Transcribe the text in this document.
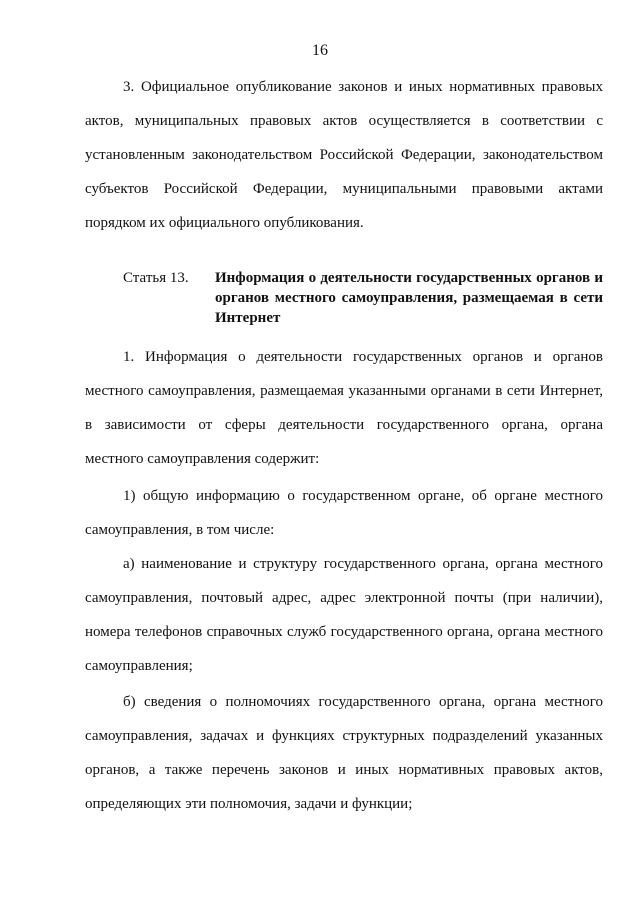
16

3. Официальное опубликование законов и иных нормативных правовых актов, муниципальных правовых актов осуществляется в соответствии с установленным законодательством Российской Федерации, законодательством субъектов Российской Федерации, муниципальными правовыми актами порядком их официального опубликования.

Статья 13. Информация о деятельности государственных органов и органов местного самоуправления, размещаемая в сети Интернет

1. Информация о деятельности государственных органов и органов местного самоуправления, размещаемая указанными органами в сети Интернет, в зависимости от сферы деятельности государственного органа, органа местного самоуправления содержит:

1) общую информацию о государственном органе, об органе местного самоуправления, в том числе:

а) наименование и структуру государственного органа, органа местного самоуправления, почтовый адрес, адрес электронной почты (при наличии), номера телефонов справочных служб государственного органа, органа местного самоуправления;

б) сведения о полномочиях государственного органа, органа местного самоуправления, задачах и функциях структурных подразделений указанных органов, а также перечень законов и иных нормативных правовых актов, определяющих эти полномочия, задачи и функции;
